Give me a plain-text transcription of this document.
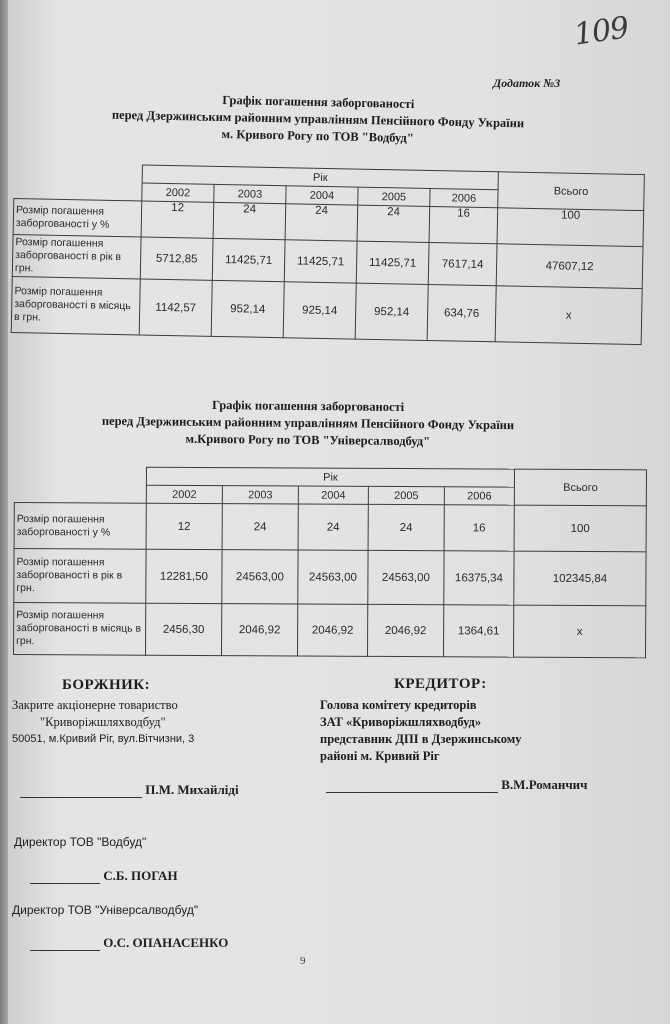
109
Додаток №3
Графік погашення заборгованості
перед Дзержинським районним управлінням Пенсійного Фонду України
м. Кривого Рогу по ТОВ "Водбуд"
	Рік					Всього
	2002	2003	2004	2005	2006	
Розмір погашення заборгованості у %	12	24	24	24	16	100
Розмір погашення заборгованості в рік в грн.	5712,85	11425,71	11425,71	11425,71	7617,14	47607,12
Розмір погашення заборгованості в місяць в грн.	1142,57	952,14	925,14	952,14	634,76	х
Графік погашення заборгованості
перед Дзержинським районним управлінням Пенсійного Фонду України
м.Кривого Рогу по ТОВ "Універсалводбуд"
	Рік					Всього
	2002	2003	2004	2005	2006	
Розмір погашення заборгованості у %	12	24	24	24	16	100
Розмір погашення заборгованості в рік в грн.	12281,50	24563,00	24563,00	24563,00	16375,34	102345,84
Розмір погашення заборгованості в місяць в грн.	2456,30	2046,92	2046,92	2046,92	1364,61	х
БОРЖНИК:
Закрите акціонерне товариство
"Криворіжшляхводбуд"
50051, м.Кривий Ріг, вул.Вітчизни, 3
П.М. Михайліді
КРЕДИТОР:
Голова комітету кредиторів
ЗАТ «Криворіжшляхводбуд»
представник ДПІ в Дзержинському
районі м. Кривий Ріг
В.М.Романчич
Директор ТОВ "Водбуд"
С.Б. ПОГАН
Директор ТОВ "Універсалводбуд"
О.С. ОПАНАСЕНКО
9
